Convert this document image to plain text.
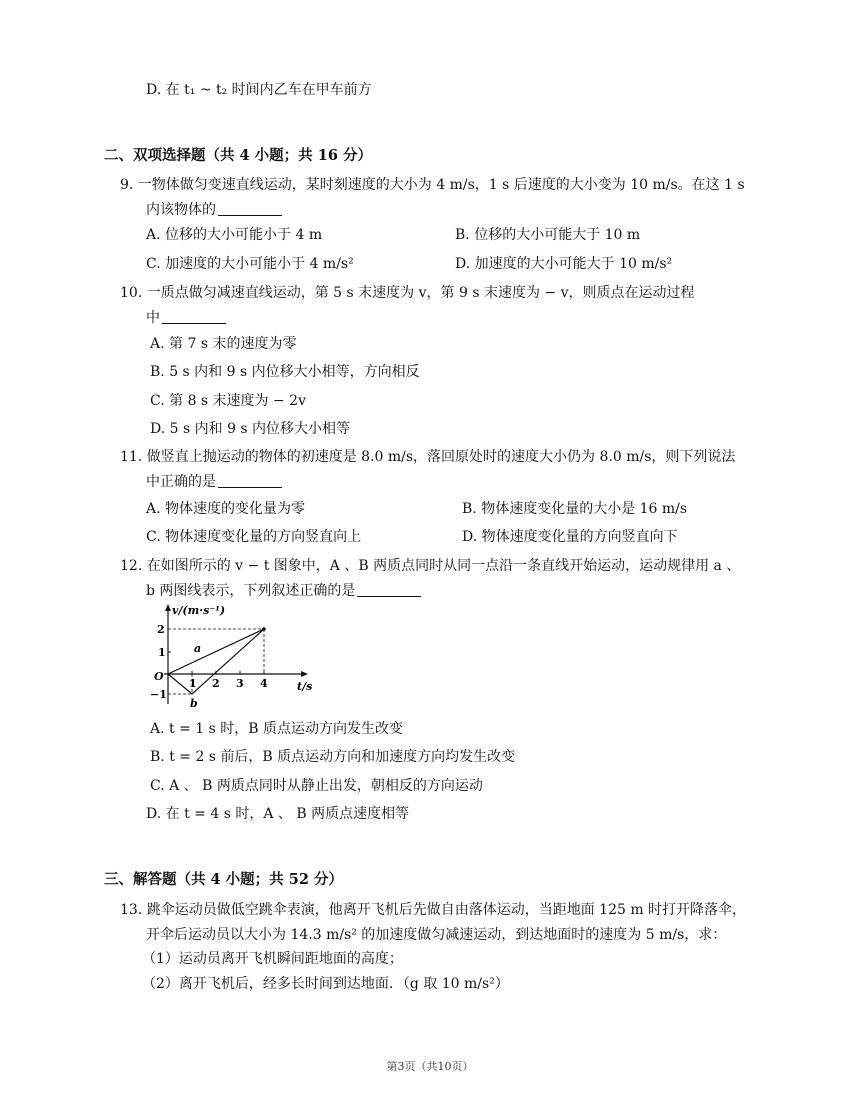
D. 在 t₁ ~ t₂ 时间内乙车在甲车前方
二、双项选择题（共 4 小题；共 16 分）
9. 一物体做匀变速直线运动，某时刻速度的大小为 4 m/s，1 s 后速度的大小变为 10 m/s。在这 1 s
内该物体的
A. 位移的大小可能小于 4 m	B. 位移的大小可能大于 10 m
C. 加速度的大小可能小于 4 m/s²	D. 加速度的大小可能大于 10 m/s²
10. 一质点做匀减速直线运动，第 5 s 末速度为 v，第 9 s 末速度为 − v，则质点在运动过程
中
A. 第 7 s 末的速度为零
B. 5 s 内和 9 s 内位移大小相等，方向相反
C. 第 8 s 末速度为 − 2v
D. 5 s 内和 9 s 内位移大小相等
11. 做竖直上抛运动的物体的初速度是 8.0 m/s，落回原处时的速度大小仍为 8.0 m/s，则下列说法
中正确的是
A. 物体速度的变化量为零	B. 物体速度变化量的大小是 16 m/s
C. 物体速度变化量的方向竖直向上	D. 物体速度变化量的方向竖直向下
12. 在如图所示的 v − t 图象中，A 、B 两质点同时从同一点沿一条直线开始运动，运动规律用 a 、
b 两图线表示，下列叙述正确的是
v/(m·s⁻¹)
t/s
O
2
1
−1
1 2 3 4
a
b
A. t = 1 s 时，B 质点运动方向发生改变
B. t = 2 s 前后，B 质点运动方向和加速度方向均发生改变
C. A 、 B 两质点同时从静止出发，朝相反的方向运动
D. 在 t = 4 s 时，A 、 B 两质点速度相等
三、解答题（共 4 小题；共 52 分）
13. 跳伞运动员做低空跳伞表演，他离开飞机后先做自由落体运动，当距地面 125 m 时打开降落伞，
开伞后运动员以大小为 14.3 m/s² 的加速度做匀减速运动，到达地面时的速度为 5 m/s，求：
（1）运动员离开飞机瞬间距地面的高度；
（2）离开飞机后，经多长时间到达地面．（g 取 10 m/s²）
第3页（共10页）
